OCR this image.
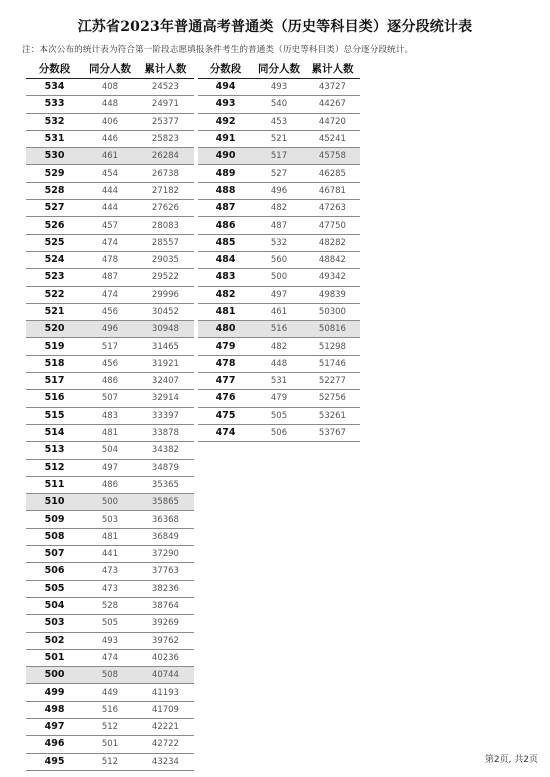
江苏省2023年普通高考普通类（历史等科目类）逐分段统计表
注：本次公布的统计表为符合第一阶段志愿填报条件考生的普通类（历史等科目类）总分逐分段统计。
分数段	同分人数	累计人数
534	408	24523
533	448	24971
532	406	25377
531	446	25823
530	461	26284
529	454	26738
528	444	27182
527	444	27626
526	457	28083
525	474	28557
524	478	29035
523	487	29522
522	474	29996
521	456	30452
520	496	30948
519	517	31465
518	456	31921
517	486	32407
516	507	32914
515	483	33397
514	481	33878
513	504	34382
512	497	34879
511	486	35365
510	500	35865
509	503	36368
508	481	36849
507	441	37290
506	473	37763
505	473	38236
504	528	38764
503	505	39269
502	493	39762
501	474	40236
500	508	40744
499	449	41193
498	516	41709
497	512	42221
496	501	42722
495	512	43234
分数段	同分人数	累计人数
494	493	43727
493	540	44267
492	453	44720
491	521	45241
490	517	45758
489	527	46285
488	496	46781
487	482	47263
486	487	47750
485	532	48282
484	560	48842
483	500	49342
482	497	49839
481	461	50300
480	516	50816
479	482	51298
478	448	51746
477	531	52277
476	479	52756
475	505	53261
474	506	53767
第2页, 共2页
